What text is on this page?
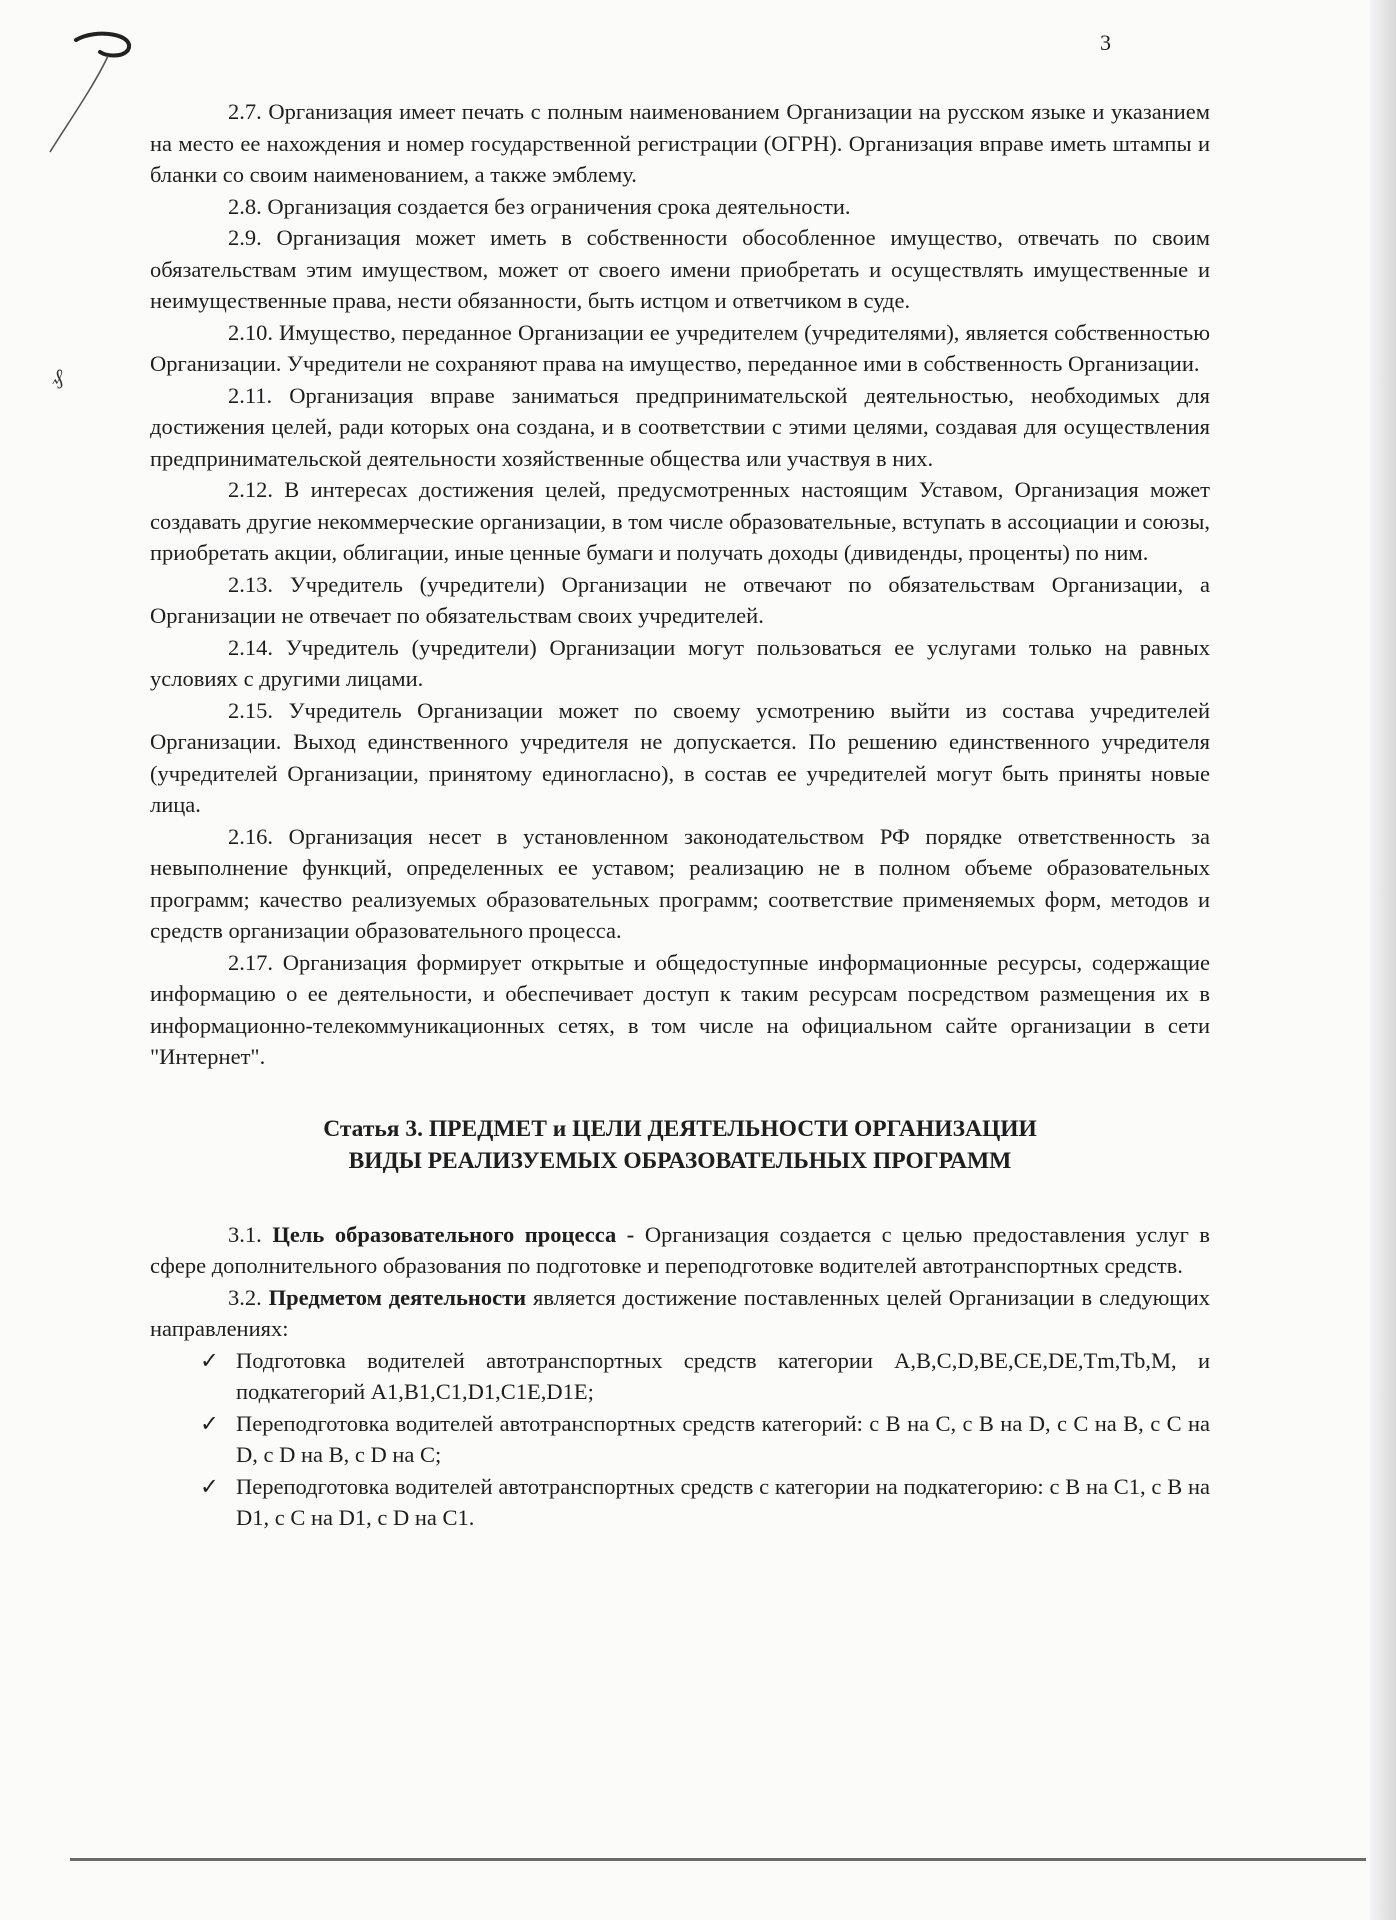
3
₰

2.7. Организация имеет печать с полным наименованием Организации на русском языке и указанием на место ее нахождения и номер государственной регистрации (ОГРН). Организация вправе иметь штампы и бланки со своим наименованием, а также эмблему.

2.8. Организация создается без ограничения срока деятельности.

2.9. Организация может иметь в собственности обособленное имущество, отвечать по своим обязательствам этим имуществом, может от своего имени приобретать и осуществлять имущественные и неимущественные права, нести обязанности, быть истцом и ответчиком в суде.

2.10. Имущество, переданное Организации ее учредителем (учредителями), является собственностью Организации. Учредители не сохраняют права на имущество, переданное ими в собственность Организации.

2.11. Организация вправе заниматься предпринимательской деятельностью, необходимых для достижения целей, ради которых она создана, и в соответствии с этими целями, создавая для осуществления предпринимательской деятельности хозяйственные общества или участвуя в них.

2.12. В интересах достижения целей, предусмотренных настоящим Уставом, Организация может создавать другие некоммерческие организации, в том числе образовательные, вступать в ассоциации и союзы, приобретать акции, облигации, иные ценные бумаги и получать доходы (дивиденды, проценты) по ним.

2.13. Учредитель (учредители) Организации не отвечают по обязательствам Организации, а Организации не отвечает по обязательствам своих учредителей.

2.14. Учредитель (учредители) Организации могут пользоваться ее услугами только на равных условиях с другими лицами.

2.15. Учредитель Организации может по своему усмотрению выйти из состава учредителей Организации. Выход единственного учредителя не допускается. По решению единственного учредителя (учредителей Организации, принятому единогласно), в состав ее учредителей могут быть приняты новые лица.

2.16. Организация несет в установленном законодательством РФ порядке ответственность за невыполнение функций, определенных ее уставом; реализацию не в полном объеме образовательных программ; качество реализуемых образовательных программ; соответствие применяемых форм, методов и средств организации образовательного процесса.

2.17. Организация формирует открытые и общедоступные информационные ресурсы, содержащие информацию о ее деятельности, и обеспечивает доступ к таким ресурсам посредством размещения их в информационно-телекоммуникационных сетях, в том числе на официальном сайте организации в сети "Интернет".

Статья 3. ПРЕДМЕТ и ЦЕЛИ ДЕЯТЕЛЬНОСТИ ОРГАНИЗАЦИИ
ВИДЫ РЕАЛИЗУЕМЫХ ОБРАЗОВАТЕЛЬНЫХ ПРОГРАММ

3.1. Цель образовательного процесса - Организация создается с целью предоставления услуг в сфере дополнительного образования по подготовке и переподготовке водителей автотранспортных средств.

3.2. Предметом деятельности является достижение поставленных целей Организации в следующих направлениях:

✓ Подготовка водителей автотранспортных средств категории A,B,C,D,BE,CE,DE,Tm,Tb,M, и подкатегорий A1,B1,C1,D1,C1E,D1E;
✓ Переподготовка водителей автотранспортных средств категорий: с B на C, с B на D, с C на B, с C на D, с D на B, с D на C;
✓ Переподготовка водителей автотранспортных средств с категории на подкатегорию: с B на C1, с B на D1, с C на D1, с D на C1.
